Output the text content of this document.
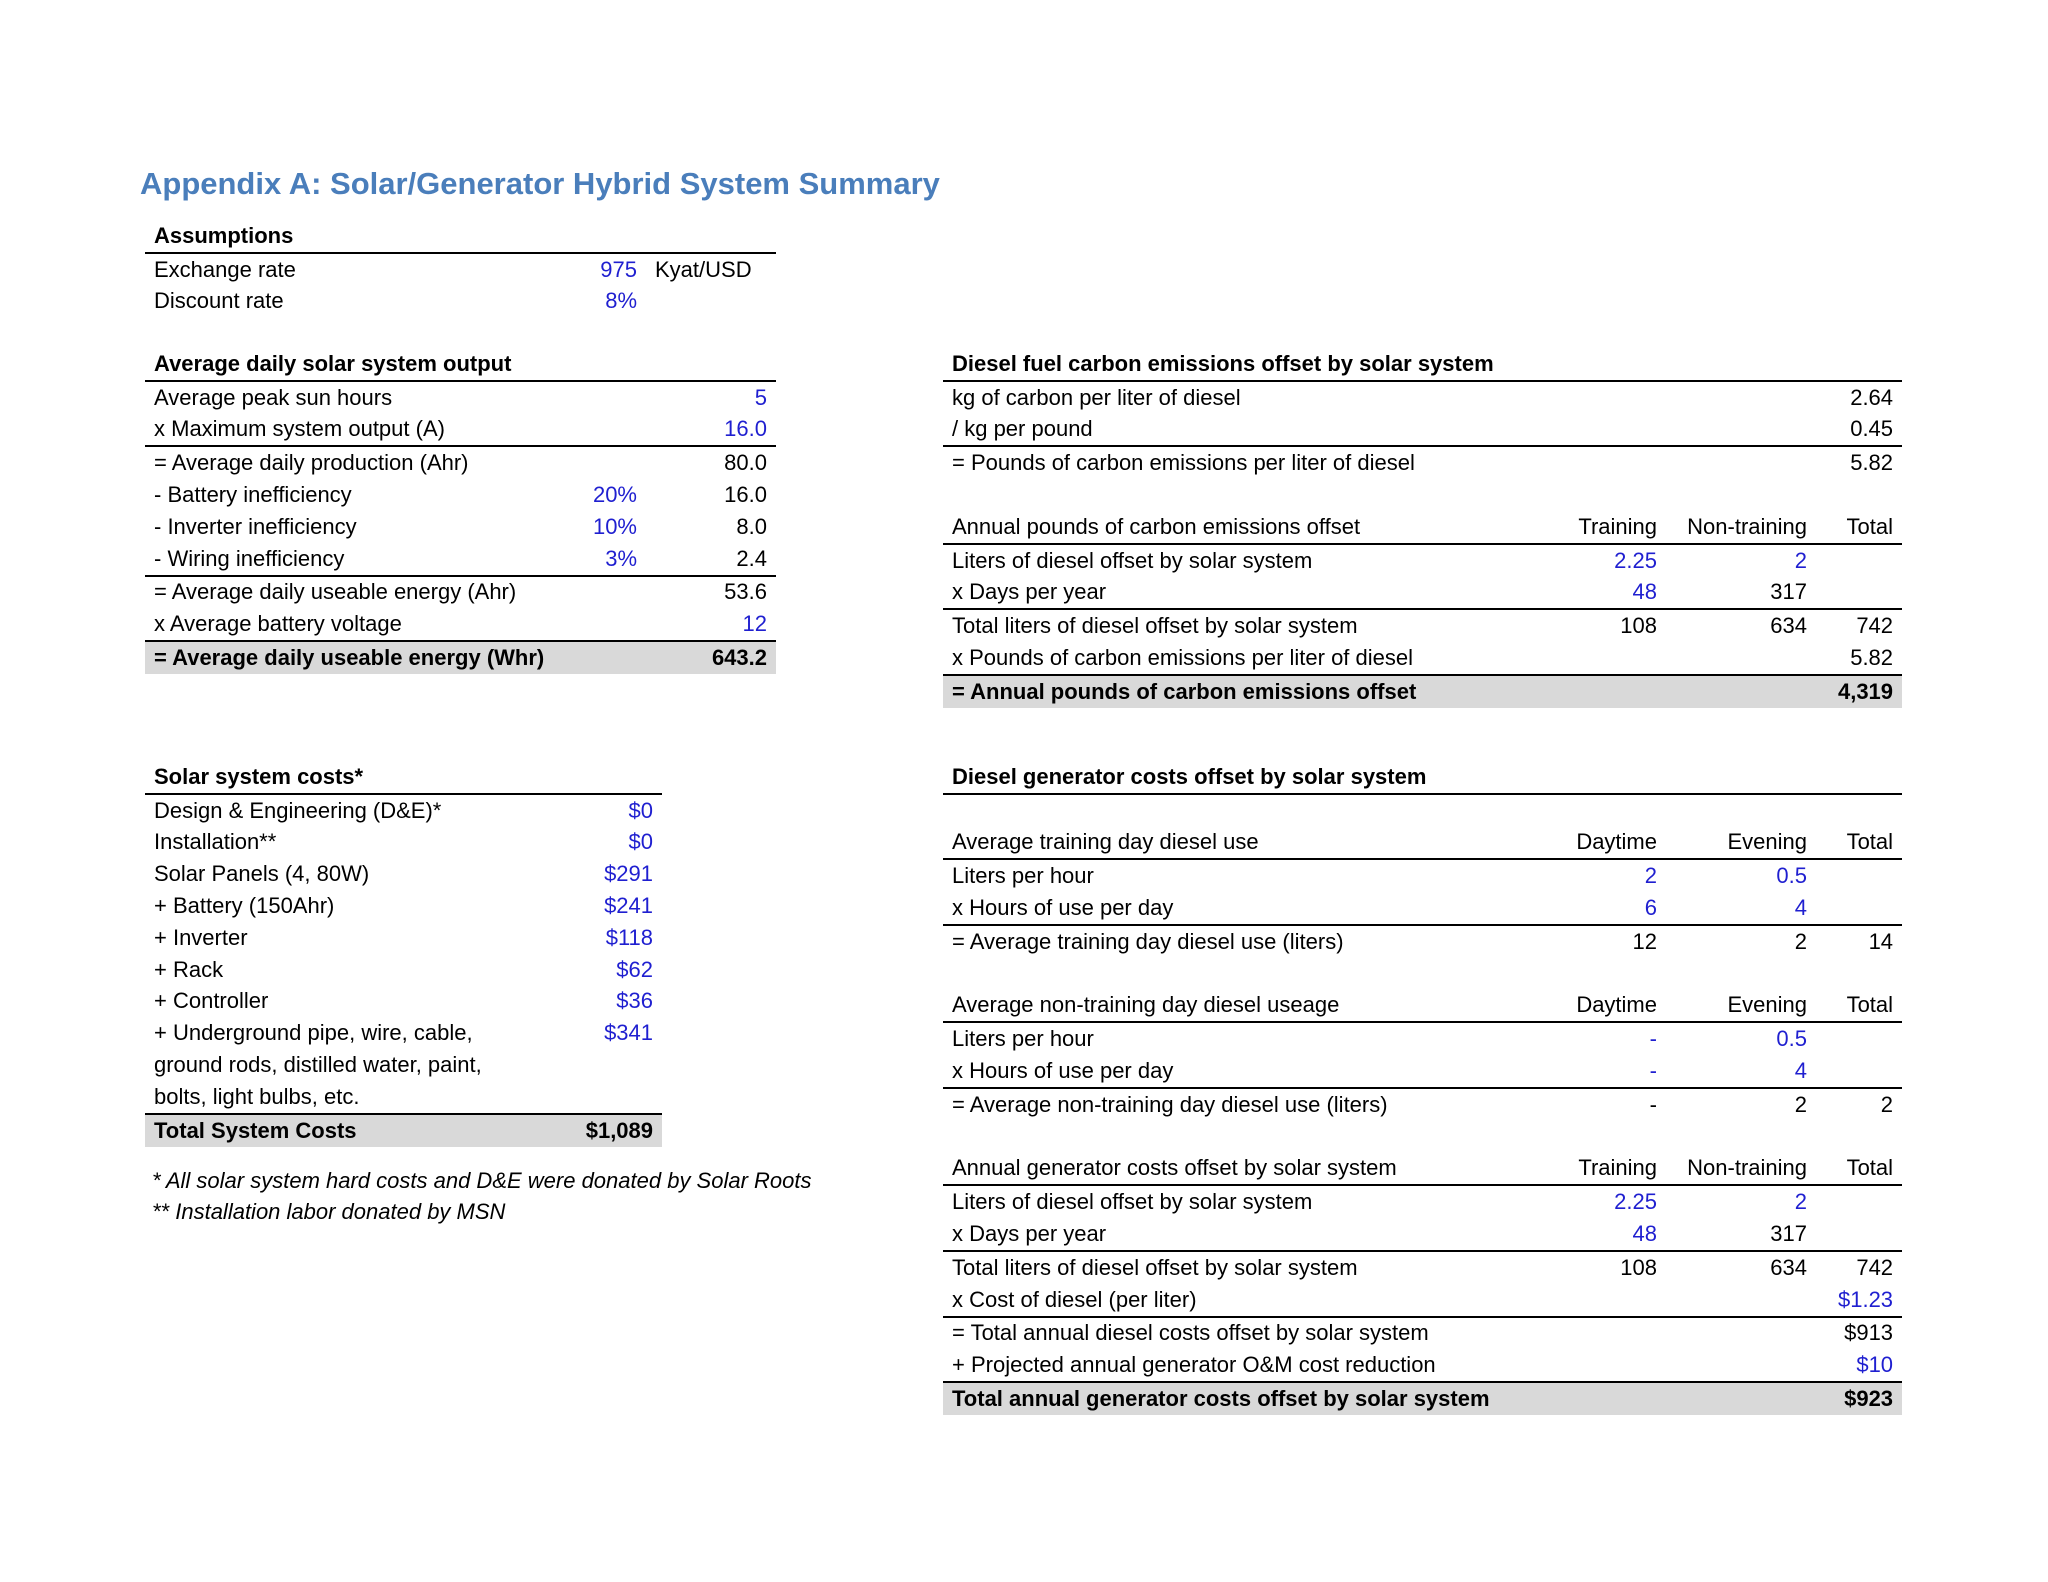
Appendix A: Solar/Generator Hybrid System Summary
Assumptions		
Exchange rate	975	Kyat/USD
Discount rate	8%	
Average daily solar system output		
Average peak sun hours		5
x Maximum system output (A)		16.0
= Average daily production (Ahr)		80.0
- Battery inefficiency	20%	16.0
- Inverter inefficiency	10%	8.0
- Wiring inefficiency	3%	2.4
= Average daily useable energy (Ahr)		53.6
x Average battery voltage		12
= Average daily useable energy (Whr)		643.2
Solar system costs*	
Design & Engineering (D&E)*	$0
Installation**	$0
Solar Panels (4, 80W)	$291
+ Battery (150Ahr)	$241
+ Inverter	$118
+ Rack	$62
+ Controller	$36
+ Underground pipe, wire, cable, ground rods, distilled water, paint, bolts, light bulbs, etc.	$341
Total System Costs	$1,089
* All solar system hard costs and D&E were donated by Solar Roots
** Installation labor donated by MSN
Diesel fuel carbon emissions offset by solar system			
kg of carbon per liter of diesel			2.64
/ kg per pound			0.45
= Pounds of carbon emissions per liter of diesel			5.82

Annual pounds of carbon emissions offset	Training	Non-training	Total
Liters of diesel offset by solar system	2.25	2	
x Days per year	48	317	
Total liters of diesel offset by solar system	108	634	742
x Pounds of carbon emissions per liter of diesel			5.82
= Annual pounds of carbon emissions offset			4,319
Diesel generator costs offset by solar system			

Average training day diesel use	Daytime	Evening	Total
Liters per hour	2	0.5	
x Hours of use per day	6	4	
= Average training day diesel use (liters)	12	2	14

Average non-training day diesel useage	Daytime	Evening	Total
Liters per hour	-	0.5	
x Hours of use per day	-	4	
= Average non-training day diesel use (liters)	-	2	2

Annual generator costs offset by solar system	Training	Non-training	Total
Liters of diesel offset by solar system	2.25	2	
x Days per year	48	317	
Total liters of diesel offset by solar system	108	634	742
x Cost of diesel (per liter)			$1.23
= Total annual diesel costs offset by solar system			$913
+ Projected annual generator O&M cost reduction			$10
Total annual generator costs offset by solar system			$923
